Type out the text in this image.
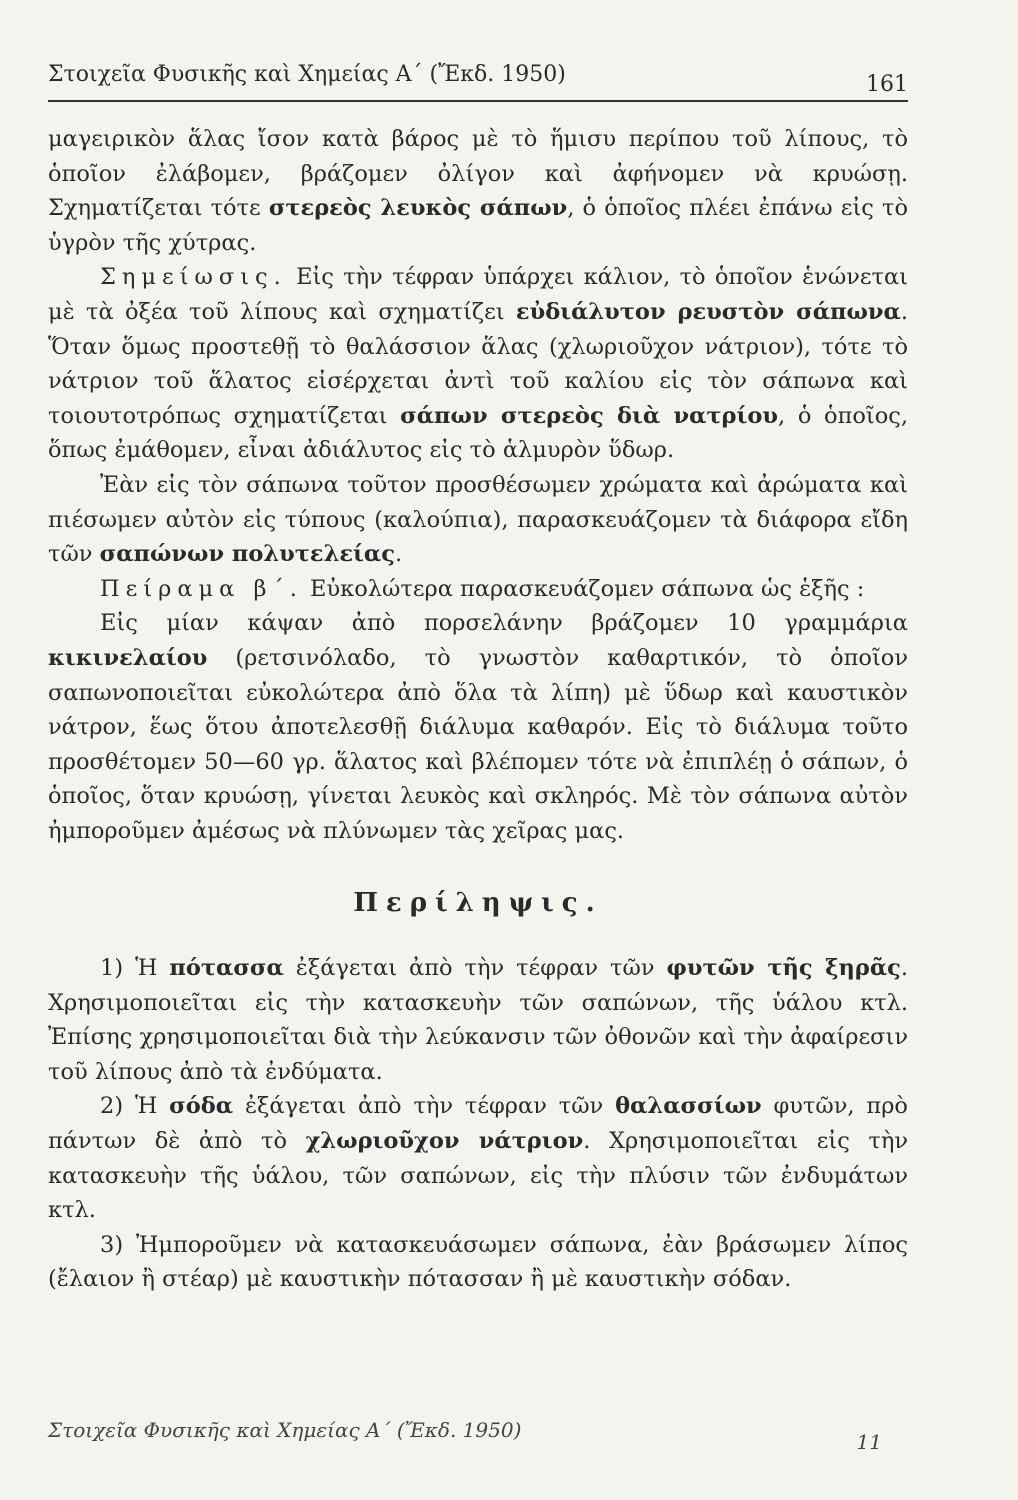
Στοιχεῖα Φυσικῆς καὶ Χημείας Α΄ (Ἔκδ. 1950)	161

μαγειρικὸν ἅλας ἴσον κατὰ βάρος μὲ τὸ ἥμισυ περίπου τοῦ λίπους, τὸ ὁποῖον ἐλάβομεν, βράζομεν ὀλίγον καὶ ἀφήνομεν νὰ κρυώσῃ. Σχηματίζεται τότε στερεὸς λευκὸς σάπων, ὁ ὁποῖος πλέει ἐπάνω εἰς τὸ ὑγρὸν τῆς χύτρας.

Σημείωσις. Εἰς τὴν τέφραν ὑπάρχει κάλιον, τὸ ὁποῖον ἑνώνεται μὲ τὰ ὀξέα τοῦ λίπους καὶ σχηματίζει εὐδιάλυτον ρευστὸν σάπωνα. Ὅταν ὅμως προστεθῇ τὸ θαλάσσιον ἅλας (χλωριοῦχον νάτριον), τότε τὸ νάτριον τοῦ ἅλατος εἰσέρχεται ἀντὶ τοῦ καλίου εἰς τὸν σάπωνα καὶ τοιουτοτρόπως σχηματίζεται σάπων στερεὸς διὰ νατρίου, ὁ ὁποῖος, ὅπως ἐμάθομεν, εἶναι ἀδιάλυτος εἰς τὸ ἁλμυρὸν ὕδωρ.

Ἐὰν εἰς τὸν σάπωνα τοῦτον προσθέσωμεν χρώματα καὶ ἀρώματα καὶ πιέσωμεν αὐτὸν εἰς τύπους (καλούπια), παρασκευάζομεν τὰ διάφορα εἴδη τῶν σαπώνων πολυτελείας.

Πείραμα β΄. Εὐκολώτερα παρασκευάζομεν σάπωνα ὡς ἑξῆς :

Εἰς μίαν κάψαν ἀπὸ πορσελάνην βράζομεν 10 γραμμάρια κικινελαίου (ρετσινόλαδο, τὸ γνωστὸν καθαρτικόν, τὸ ὁποῖον σαπωνοποιεῖται εὐκολώτερα ἀπὸ ὅλα τὰ λίπη) μὲ ὕδωρ καὶ καυστικὸν νάτρον, ἕως ὅτου ἀποτελεσθῇ διάλυμα καθαρόν. Εἰς τὸ διάλυμα τοῦτο προσθέτομεν 50—60 γρ. ἅλατος καὶ βλέπομεν τότε νὰ ἐπιπλέῃ ὁ σάπων, ὁ ὁποῖος, ὅταν κρυώσῃ, γίνεται λευκὸς καὶ σκληρός. Μὲ τὸν σάπωνα αὐτὸν ἠμποροῦμεν ἀμέσως νὰ πλύνωμεν τὰς χεῖρας μας.

Περίληψις.

1) Ἡ πότασσα ἐξάγεται ἀπὸ τὴν τέφραν τῶν φυτῶν τῆς ξηρᾶς. Χρησιμοποιεῖται εἰς τὴν κατασκευὴν τῶν σαπώνων, τῆς ὑάλου κτλ. Ἐπίσης χρησιμοποιεῖται διὰ τὴν λεύκανσιν τῶν ὀθονῶν καὶ τὴν ἀφαίρεσιν τοῦ λίπους ἀπὸ τὰ ἐνδύματα.

2) Ἡ σόδα ἐξάγεται ἀπὸ τὴν τέφραν τῶν θαλασσίων φυτῶν, πρὸ πάντων δὲ ἀπὸ τὸ χλωριοῦχον νάτριον. Χρησιμοποιεῖται εἰς τὴν κατασκευὴν τῆς ὑάλου, τῶν σαπώνων, εἰς τὴν πλύσιν τῶν ἐνδυμάτων κτλ.

3) Ἠμποροῦμεν νὰ κατασκευάσωμεν σάπωνα, ἐὰν βράσωμεν λίπος (ἔλαιον ἢ στέαρ) μὲ καυστικὴν πότασσαν ἢ μὲ καυστικὴν σόδαν.

Στοιχεῖα Φυσικῆς καὶ Χημείας Α΄ (Ἔκδ. 1950)	11
